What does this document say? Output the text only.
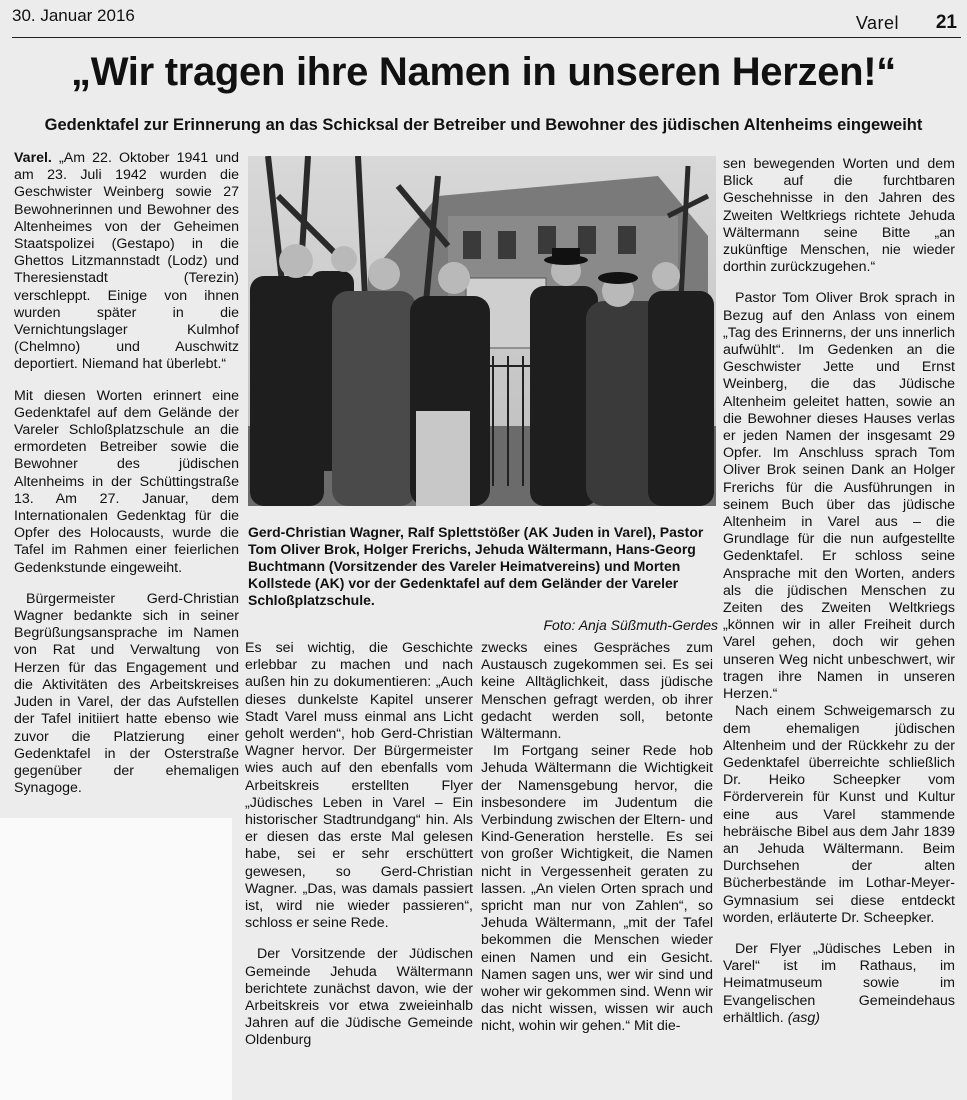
30. Januar 2016	Varel 21
„Wir tragen ihre Namen in unseren Herzen!“
Gedenktafel zur Erinnerung an das Schicksal der Betreiber und Bewohner des jüdischen Altenheims eingeweiht

Varel. „Am 22. Oktober 1941 und am 23. Juli 1942 wurden die Geschwister Weinberg sowie 27 Bewohnerinnen und Bewohner des Altenheimes von der Geheimen Staatspolizei (Gestapo) in die Ghettos Litzmannstadt (Lodz) und Theresienstadt (Terezin) verschleppt. Einige von ihnen wurden später in die Vernichtungslager Kulmhof (Chelmno) und Auschwitz deportiert. Niemand hat überlebt.“

Mit diesen Worten erinnert eine Gedenktafel auf dem Gelände der Vareler Schloßplatzschule an die ermordeten Betreiber sowie die Bewohner des jüdischen Altenheims in der Schüttingstraße 13. Am 27. Januar, dem Internationalen Gedenktag für die Opfer des Holocausts, wurde die Tafel im Rahmen einer feierlichen Gedenkstunde eingeweiht.

Bürgermeister Gerd-Christian Wagner bedankte sich in seiner Begrüßungsansprache im Namen von Rat und Verwaltung von Herzen für das Engagement und die Aktivitäten des Arbeitskreises Juden in Varel, der das Aufstellen der Tafel initiiert hatte ebenso wie zuvor die Platzierung einer Gedenktafel in der Osterstraße gegenüber der ehemaligen Synagoge.

Gerd-Christian Wagner, Ralf Splettstößer (AK Juden in Varel), Pastor Tom Oliver Brok, Holger Frerichs, Jehuda Wältermann, Hans-Georg Buchtmann (Vorsitzender des Vareler Heimatvereins) und Morten Kollstede (AK) vor der Gedenktafel auf dem Geländer der Vareler Schloßplatzschule.
Foto: Anja Süßmuth-Gerdes

Es sei wichtig, die Geschichte erlebbar zu machen und nach außen hin zu dokumentieren: „Auch dieses dunkelste Kapitel unserer Stadt Varel muss einmal ans Licht geholt werden“, hob Gerd-Christian Wagner hervor. Der Bürgermeister wies auch auf den ebenfalls vom Arbeitskreis erstellten Flyer „Jüdisches Leben in Varel – Ein historischer Stadtrundgang“ hin. Als er diesen das erste Mal gelesen habe, sei er sehr erschüttert gewesen, so Gerd-Christian Wagner. „Das, was damals passiert ist, wird nie wieder passieren“, schloss er seine Rede.

Der Vorsitzende der Jüdischen Gemeinde Jehuda Wältermann berichtete zunächst davon, wie der Arbeitskreis vor etwa zweieinhalb Jahren auf die Jüdische Gemeinde Oldenburg

zwecks eines Gespräches zum Austausch zugekommen sei. Es sei keine Alltäglichkeit, dass jüdische Menschen gefragt werden, ob ihrer gedacht werden soll, betonte Wältermann.

Im Fortgang seiner Rede hob Jehuda Wältermann die Wichtigkeit der Namensgebung hervor, die insbesondere im Judentum die Verbindung zwischen der Eltern- und Kind-Generation herstelle. Es sei von großer Wichtigkeit, die Namen nicht in Vergessenheit geraten zu lassen. „An vielen Orten sprach und spricht man nur von Zahlen“, so Jehuda Wältermann, „mit der Tafel bekommen die Menschen wieder einen Namen und ein Gesicht. Namen sagen uns, wer wir sind und woher wir gekommen sind. Wenn wir das nicht wissen, wissen wir auch nicht, wohin wir gehen.“ Mit die-

sen bewegenden Worten und dem Blick auf die furchtbaren Geschehnisse in den Jahren des Zweiten Weltkriegs richtete Jehuda Wältermann seine Bitte „an zukünftige Menschen, nie wieder dorthin zurückzugehen.“

Pastor Tom Oliver Brok sprach in Bezug auf den Anlass von einem „Tag des Erinnerns, der uns innerlich aufwühlt“. Im Gedenken an die Geschwister Jette und Ernst Weinberg, die das Jüdische Altenheim geleitet hatten, sowie an die Bewohner dieses Hauses verlas er jeden Namen der insgesamt 29 Opfer. Im Anschluss sprach Tom Oliver Brok seinen Dank an Holger Frerichs für die Ausführungen in seinem Buch über das jüdische Altenheim in Varel aus – die Grundlage für die nun aufgestellte Gedenktafel. Er schloss seine Ansprache mit den Worten, anders als die jüdischen Menschen zu Zeiten des Zweiten Weltkriegs „können wir in aller Freiheit durch Varel gehen, doch wir gehen unseren Weg nicht unbeschwert, wir tragen ihre Namen in unseren Herzen.“

Nach einem Schweigemarsch zu dem ehemaligen jüdischen Altenheim und der Rückkehr zu der Gedenktafel überreichte schließlich Dr. Heiko Scheepker vom Förderverein für Kunst und Kultur eine aus Varel stammende hebräische Bibel aus dem Jahr 1839 an Jehuda Wältermann. Beim Durchsehen der alten Bücherbestände im Lothar-Meyer-Gymnasium sei diese entdeckt worden, erläuterte Dr. Scheepker.

Der Flyer „Jüdisches Leben in Varel“ ist im Rathaus, im Heimatmuseum sowie im Evangelischen Gemeindehaus erhältlich. (asg)
